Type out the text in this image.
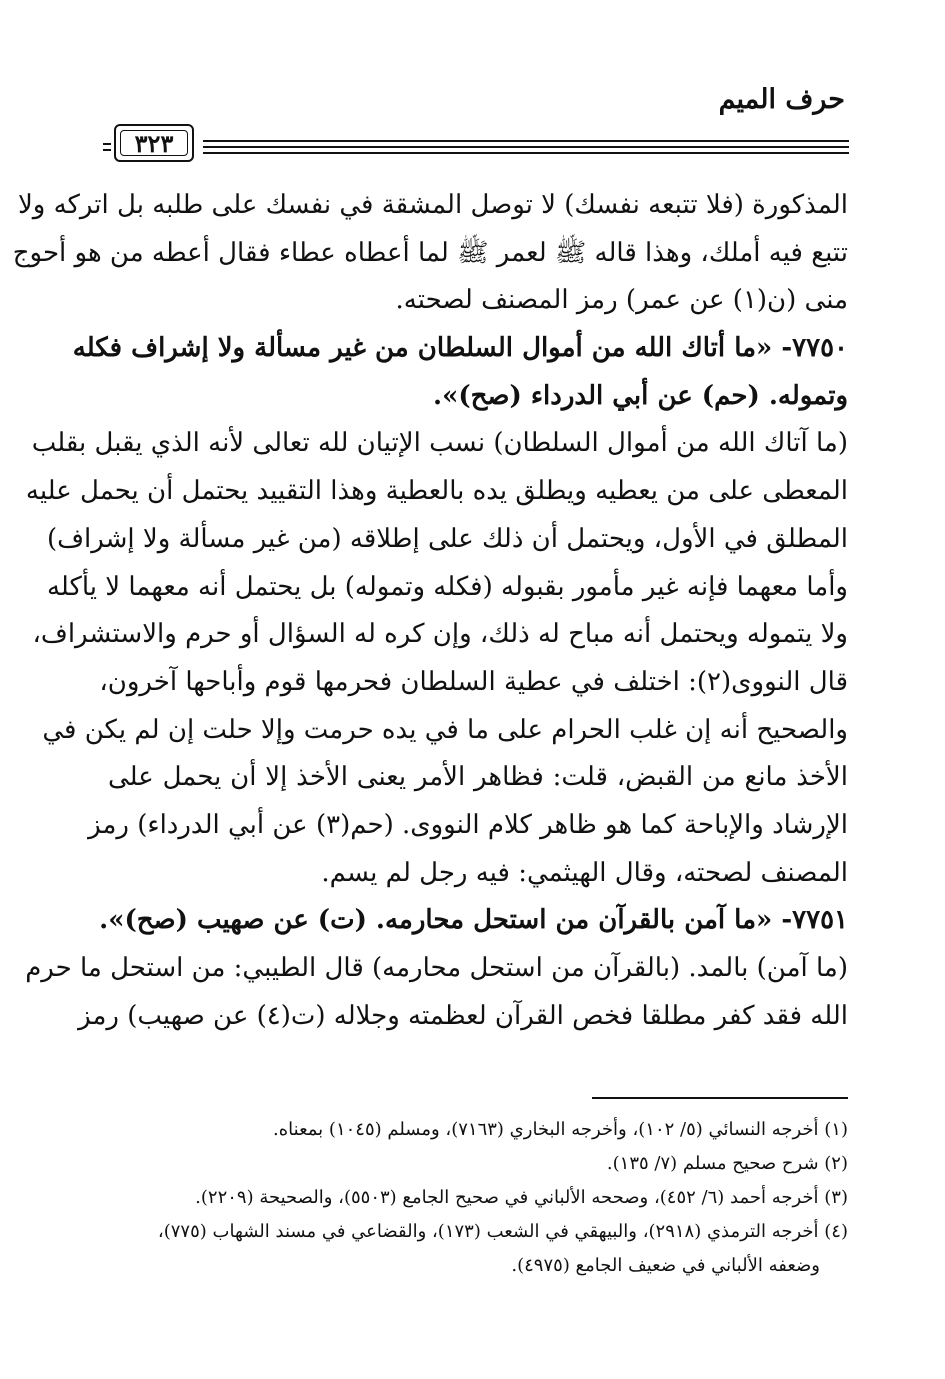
حرف الميم
٣٢٣
المذكورة (فلا تتبعه نفسك) لا توصل المشقة في نفسك على طلبه بل اتركه ولا
تتبع فيه أملك، وهذا قاله ﷺ لعمر ﷺ لما أعطاه عطاء فقال أعطه من هو أحوج
منى (ن(١) عن عمر) رمز المصنف لصحته.
٧٧٥٠- «ما أتاك الله من أموال السلطان من غير مسألة ولا إشراف فكله
وتموله. (حم) عن أبي الدرداء (صح)».
(ما آتاك الله من أموال السلطان) نسب الإتيان لله تعالى لأنه الذي يقبل بقلب
المعطى على من يعطيه ويطلق يده بالعطية وهذا التقييد يحتمل أن يحمل عليه
المطلق في الأول، ويحتمل أن ذلك على إطلاقه (من غير مسألة ولا إشراف)
وأما معهما فإنه غير مأمور بقبوله (فكله وتموله) بل يحتمل أنه معهما لا يأكله
ولا يتموله ويحتمل أنه مباح له ذلك، وإن كره له السؤال أو حرم والاستشراف،
قال النووى(٢): اختلف في عطية السلطان فحرمها قوم وأباحها آخرون،
والصحيح أنه إن غلب الحرام على ما في يده حرمت وإلا حلت إن لم يكن في
الأخذ مانع من القبض، قلت: فظاهر الأمر يعنى الأخذ إلا أن يحمل على
الإرشاد والإباحة كما هو ظاهر كلام النووى. (حم(٣) عن أبي الدرداء) رمز
المصنف لصحته، وقال الهيثمي: فيه رجل لم يسم.
٧٧٥١- «ما آمن بالقرآن من استحل محارمه. (ت) عن صهيب (صح)».
(ما آمن) بالمد. (بالقرآن من استحل محارمه) قال الطيبي: من استحل ما حرم
الله فقد كفر مطلقا فخص القرآن لعظمته وجلاله (ت(٤) عن صهيب) رمز
(١) أخرجه النسائي (٥/ ١٠٢)، وأخرجه البخاري (٧١٦٣)، ومسلم (١٠٤٥) بمعناه.
(٢) شرح صحيح مسلم (٧/ ١٣٥).
(٣) أخرجه أحمد (٦/ ٤٥٢)، وصححه الألباني في صحيح الجامع (٥٥٠٣)، والصحيحة (٢٢٠٩).
(٤) أخرجه الترمذي (٢٩١٨)، والبيهقي في الشعب (١٧٣)، والقضاعي في مسند الشهاب (٧٧٥)،
وضعفه الألباني في ضعيف الجامع (٤٩٧٥).
